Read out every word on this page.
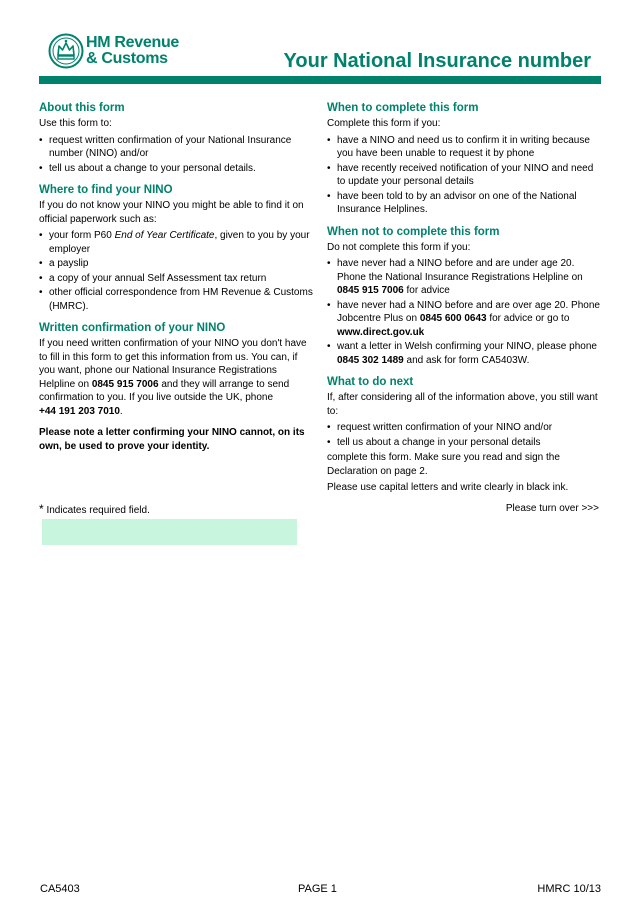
HM Revenue
& Customs	Your National Insurance number
About this form

Use this form to:

• request written confirmation of your National Insurance number (NINO) and/or
• tell us about a change to your personal details.
Where to find your NINO

If you do not know your NINO you might be able to find it on official paperwork such as:

• your form P60 End of Year Certificate, given to you by your employer
• a payslip
• a copy of your annual Self Assessment tax return
• other official correspondence from HM Revenue & Customs (HMRC).
Written confirmation of your NINO

If you need written confirmation of your NINO you don't have to fill in this form to get this information from us. You can, if you want, phone our National Insurance Registrations Helpline on 0845 915 7006 and they will arrange to send confirmation to you. If you live outside the UK, phone
+44 191 203 7010.

Please note a letter confirming your NINO cannot, on its own, be used to prove your identity.

When to complete this form

Complete this form if you:

• have a NINO and need us to confirm it in writing because you have been unable to request it by phone
• have recently received notification of your NINO and need to update your personal details
• have been told to by an advisor on one of the National Insurance Helplines.
When not to complete this form

Do not complete this form if you:

• have never had a NINO before and are under age 20. Phone the National Insurance Registrations Helpline on 0845 915 7006 for advice
• have never had a NINO before and are over age 20. Phone Jobcentre Plus on 0845 600 0643 for advice or go to www.direct.gov.uk
• want a letter in Welsh confirming your NINO, please phone 0845 302 1489 and ask for form CA5403W.
What to do next

If, after considering all of the information above, you still want to:

• request written confirmation of your NINO and/or
• tell us about a change in your personal details

complete this form. Make sure you read and sign the Declaration on page 2.

Please use capital letters and write clearly in black ink.

* Indicates required field.	Please turn over >>>
CA5403	PAGE 1	HMRC 10/13
